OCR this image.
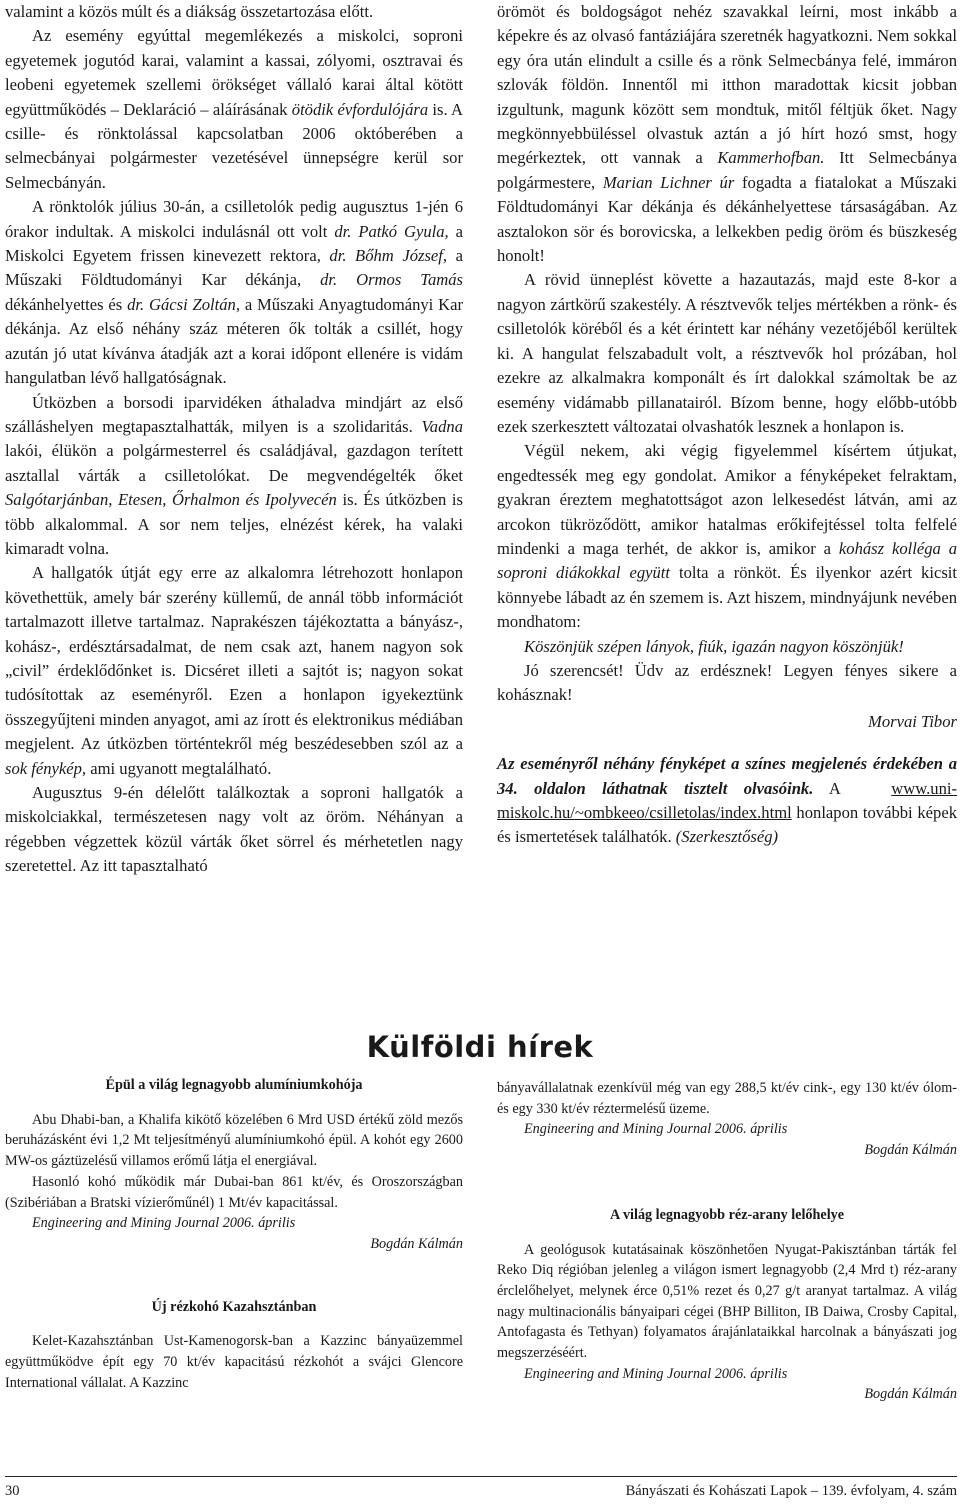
valamint a közös múlt és a diákság összetartozása előtt.

Az esemény egyúttal megemlékezés a miskolci, soproni egyetemek jogutód karai, valamint a kassai, zólyomi, osztravai és leobeni egyetemek szellemi örökséget vállaló karai által kötött együttműködés – Deklaráció – aláírásának ötödik évfordulójára is. A csille- és rönktolással kapcsolatban 2006 októberében a selmecbányai polgármester vezetésével ünnepségre kerül sor Selmecbányán.

A rönktolók július 30-án, a csilletolók pedig augusztus 1-jén 6 órakor indultak. A miskolci indulásnál ott volt dr. Patkó Gyula, a Miskolci Egyetem frissen kinevezett rektora, dr. Bőhm József, a Műszaki Földtudományi Kar dékánja, dr. Ormos Tamás dékánhelyettes és dr. Gácsi Zoltán, a Műszaki Anyagtudományi Kar dékánja. Az első néhány száz méteren ők tolták a csillét, hogy azután jó utat kívánva átadják azt a korai időpont ellenére is vidám hangulatban lévő hallgatóságnak.

Útközben a borsodi iparvidéken áthaladva mindjárt az első szálláshelyen megtapasztalhatták, milyen is a szolidaritás. Vadna lakói, élükön a polgármesterrel és családjával, gazdagon terített asztallal várták a csilletolókat. De megvendégelték őket Salgótarjánban, Etesen, Őrhalmon és Ipolyvecén is. És útközben is több alkalommal. A sor nem teljes, elnézést kérek, ha valaki kimaradt volna.

A hallgatók útját egy erre az alkalomra létrehozott honlapon követhettük, amely bár szerény küllemű, de annál több információt tartalmazott illetve tartalmaz. Naprakészen tájékoztatta a bányász-, kohász-, erdésztársadalmat, de nem csak azt, hanem nagyon sok „civil” érdeklődőnket is. Dicséret illeti a sajtót is; nagyon sokat tudósítottak az eseményről. Ezen a honlapon igyekeztünk összegyűjteni minden anyagot, ami az írott és elektronikus médiában megjelent. Az útközben történtekről még beszédesebben szól az a sok fénykép, ami ugyanott megtalálható.

Augusztus 9-én délelőtt találkoztak a soproni hallgatók a miskolciakkal, természetesen nagy volt az öröm. Néhányan a régebben végzettek közül várták őket sörrel és mérhetetlen nagy szeretettel. Az itt tapasztalható

örömöt és boldogságot nehéz szavakkal leírni, most inkább a képekre és az olvasó fantáziájára szeretnék hagyatkozni. Nem sokkal egy óra után elindult a csille és a rönk Selmecbánya felé, immáron szlovák földön. Innentől mi itthon maradottak kicsit jobban izgultunk, magunk között sem mondtuk, mitől féltjük őket. Nagy megkönnyebbüléssel olvastuk aztán a jó hírt hozó smst, hogy megérkeztek, ott vannak a Kammerhofban. Itt Selmecbánya polgármestere, Marian Lichner úr fogadta a fiatalokat a Műszaki Földtudományi Kar dékánja és dékánhelyettese társaságában. Az asztalokon sör és borovicska, a lelkekben pedig öröm és büszkeség honolt!

A rövid ünneplést követte a hazautazás, majd este 8-kor a nagyon zártkörű szakestély. A résztvevők teljes mértékben a rönk- és csilletolók köréből és a két érintett kar néhány vezetőjéből kerültek ki. A hangulat felszabadult volt, a résztvevők hol prózában, hol ezekre az alkalmakra komponált és írt dalokkal számoltak be az esemény vidámabb pillanatairól. Bízom benne, hogy előbb-utóbb ezek szerkesztett változatai olvashatók lesznek a honlapon is.

Végül nekem, aki végig figyelemmel kísértem útjukat, engedtessék meg egy gondolat. Amikor a fényképeket felraktam, gyakran éreztem meghatottságot azon lelkesedést látván, ami az arcokon tükröződött, amikor hatalmas erőkifejtéssel tolta felfelé mindenki a maga terhét, de akkor is, amikor a kohász kolléga a soproni diákokkal együtt tolta a rönköt. És ilyenkor azért kicsit könnyebe lábadt az én szemem is. Azt hiszem, mindnyájunk nevében mondhatom:

Köszönjük szépen lányok, fiúk, igazán nagyon köszönjük!

Jó szerencsét! Üdv az erdésznek! Legyen fényes sikere a kohásznak!

Morvai Tibor

Az eseményről néhány fényképet a színes megjelenés érdekében a 34. oldalon láthatnak tisztelt olvasóink. A	www.uni-miskolc.hu/~ombkeeo/csilletolas/index.html honlapon további képek és ismertetések találhatók. (Szerkesztőség)

Külföldi hírek

Épül a világ legnagyobb alumíniumkohója

Abu Dhabi-ban, a Khalifa kikötő közelében 6 Mrd USD értékű zöld mezős beruházásként évi 1,2 Mt teljesítményű alumíniumkohó épül. A kohót egy 2600 MW-os gáztüzelésű villamos erőmű látja el energiával.

Hasonló kohó működik már Dubai-ban 861 kt/év, és Oroszországban (Szibériában a Bratski vízierőműnél) 1 Mt/év kapacitással.

Engineering and Mining Journal 2006. április

Bogdán Kálmán

Új rézkohó Kazahsztánban

Kelet-Kazahsztánban Ust-Kamenogorsk-ban a Kazzinc bányaüzemmel együttműködve épít egy 70 kt/év kapacitású rézkohót a svájci Glencore International vállalat. A Kazzinc

bányavállalatnak ezenkívül még van egy 288,5 kt/év cink-, egy 130 kt/év ólom- és egy 330 kt/év réztermelésű üzeme.

Engineering and Mining Journal 2006. április

Bogdán Kálmán

A világ legnagyobb réz-arany lelőhelye

A geológusok kutatásainak köszönhetően Nyugat-Pakisztánban tárták fel Reko Diq régióban jelenleg a világon ismert legnagyobb (2,4 Mrd t) réz-arany érclelőhelyet, melynek érce 0,51% rezet és 0,27 g/t aranyat tartalmaz. A világ nagy multinacionális bányaipari cégei (BHP Billiton, IB Daiwa, Crosby Capital, Antofagasta és Tethyan) folyamatos árajánlataikkal harcolnak a bányászati jog megszerzéséért.

Engineering and Mining Journal 2006. április

Bogdán Kálmán

30	Bányászati és Kohászati Lapok – 139. évfolyam, 4. szám
